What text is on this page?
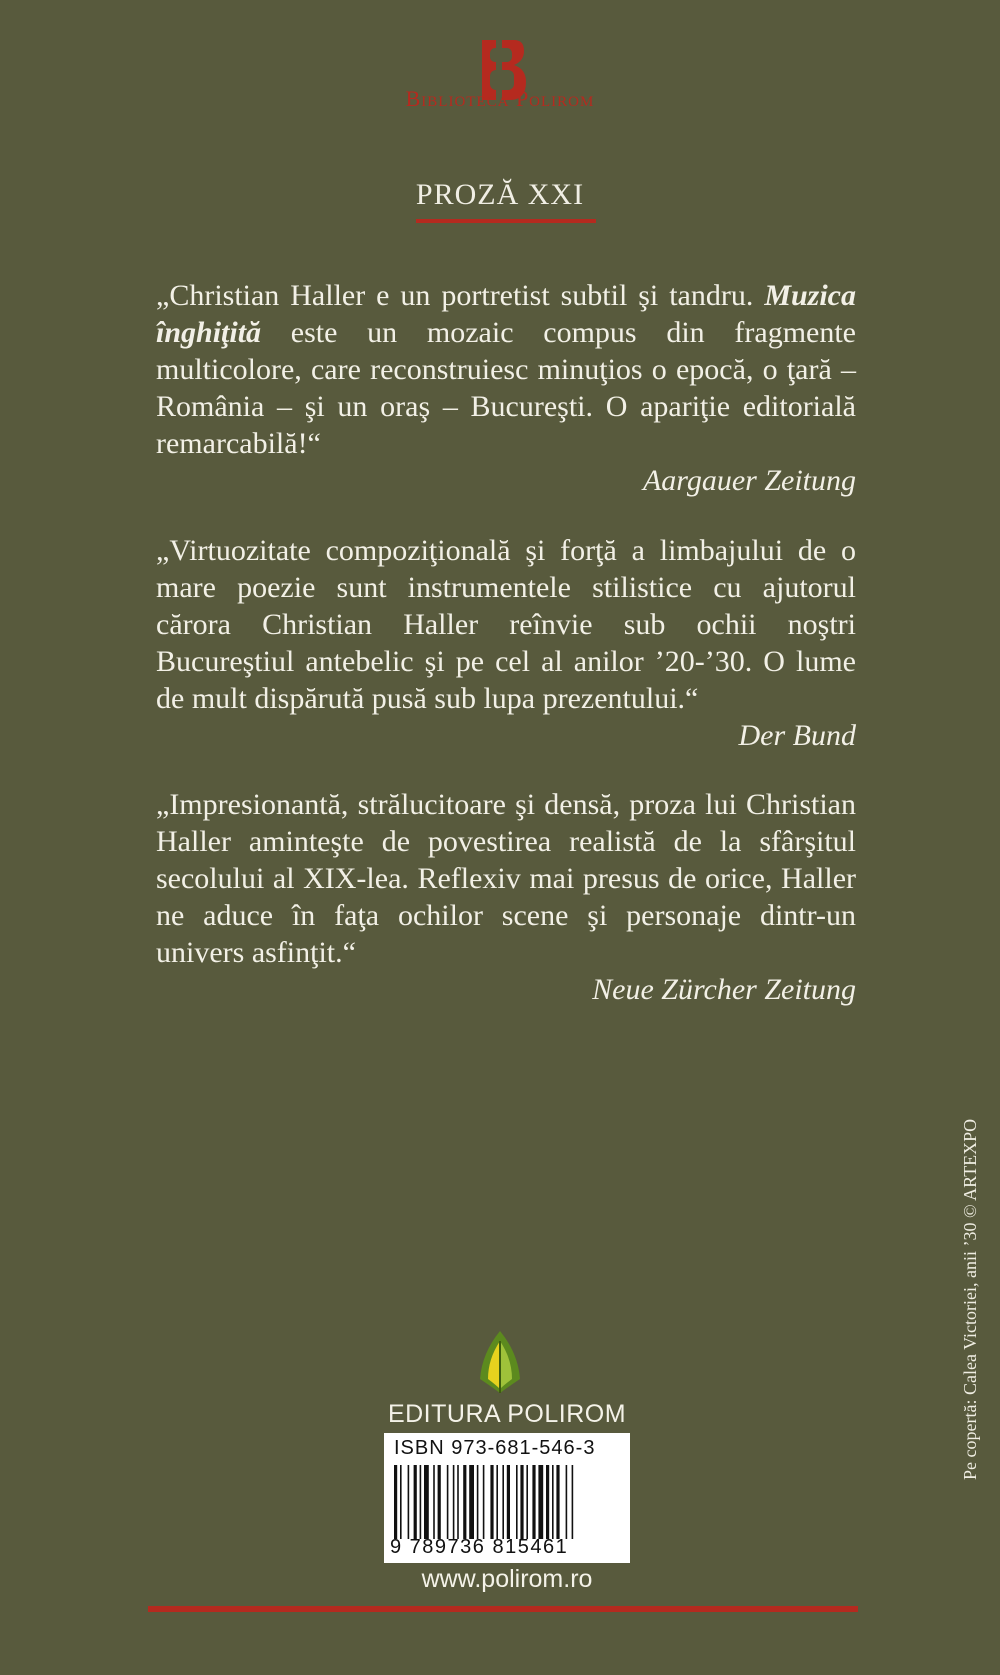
Biblioteca Polirom
PROZĂ XXI

„Christian Haller e un portretist subtil şi tandru. Muzica înghiţită este un mozaic compus din fragmente multicolore, care reconstruiesc minuţios o epocă, o ţară – România – şi un oraş – Bucureşti. O apariţie editorială remarcabilă!“

Aargauer Zeitung

„Virtuozitate compoziţională şi forţă a limbajului de o mare poezie sunt instrumentele stilistice cu ajutorul cărora Christian Haller reînvie sub ochii noştri Bucureştiul antebelic şi pe cel al anilor ’20-’30. O lume de mult dispărută pusă sub lupa prezentului.“

Der Bund

„Impresionantă, strălucitoare şi densă, proza lui Christian Haller aminteşte de povestirea realistă de la sfârşitul secolului al XIX-lea. Reflexiv mai presus de orice, Haller ne aduce în faţa ochilor scene şi personaje dintr-un univers asfinţit.“

Neue Zürcher Zeitung

EDITURA POLIROM
ISBN 973-681-546-3
9 789736 815461
www.polirom.ro
Pe copertă: Calea Victoriei, anii ’30 © ARTEXPO
